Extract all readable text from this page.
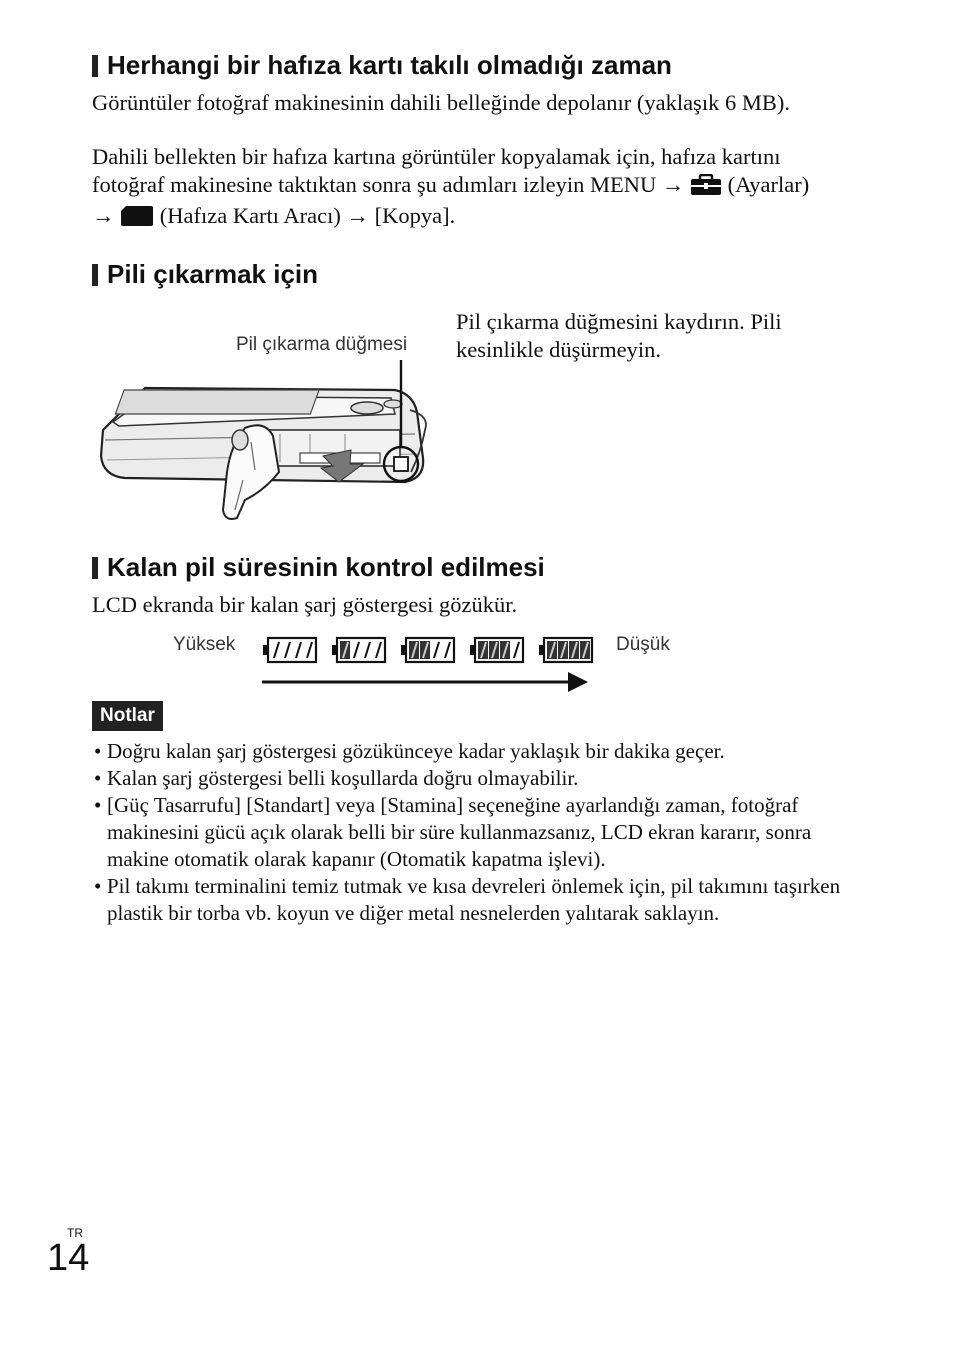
Herhangi bir hafıza kartı takılı olmadığı zaman

Görüntüler fotoğraf makinesinin dahili belleğinde depolanır (yaklaşık 6 MB).

Dahili bellekten bir hafıza kartına görüntüler kopyalamak için, hafıza kartını fotoğraf makinesine taktıktan sonra şu adımları izleyin MENU → (Ayarlar) → (Hafıza Kartı Aracı) → [Kopya].

Pili çıkarmak için
Pil çıkarma düğmesi

Pil çıkarma düğmesini kaydırın. Pili kesinlikle düşürmeyin.

Kalan pil süresinin kontrol edilmesi

LCD ekranda bir kalan şarj göstergesi gözükür.

Yüksek	Düşük
Notlar
• Doğru kalan şarj göstergesi gözükünceye kadar yaklaşık bir dakika geçer.
• Kalan şarj göstergesi belli koşullarda doğru olmayabilir.
• [Güç Tasarrufu] [Standart] veya [Stamina] seçeneğine ayarlandığı zaman, fotoğraf makinesini gücü açık olarak belli bir süre kullanmazsanız, LCD ekran kararır, sonra makine otomatik olarak kapanır (Otomatik kapatma işlevi).
• Pil takımı terminalini temiz tutmak ve kısa devreleri önlemek için, pil takımını taşırken plastik bir torba vb. koyun ve diğer metal nesnelerden yalıtarak saklayın.
TR
14
